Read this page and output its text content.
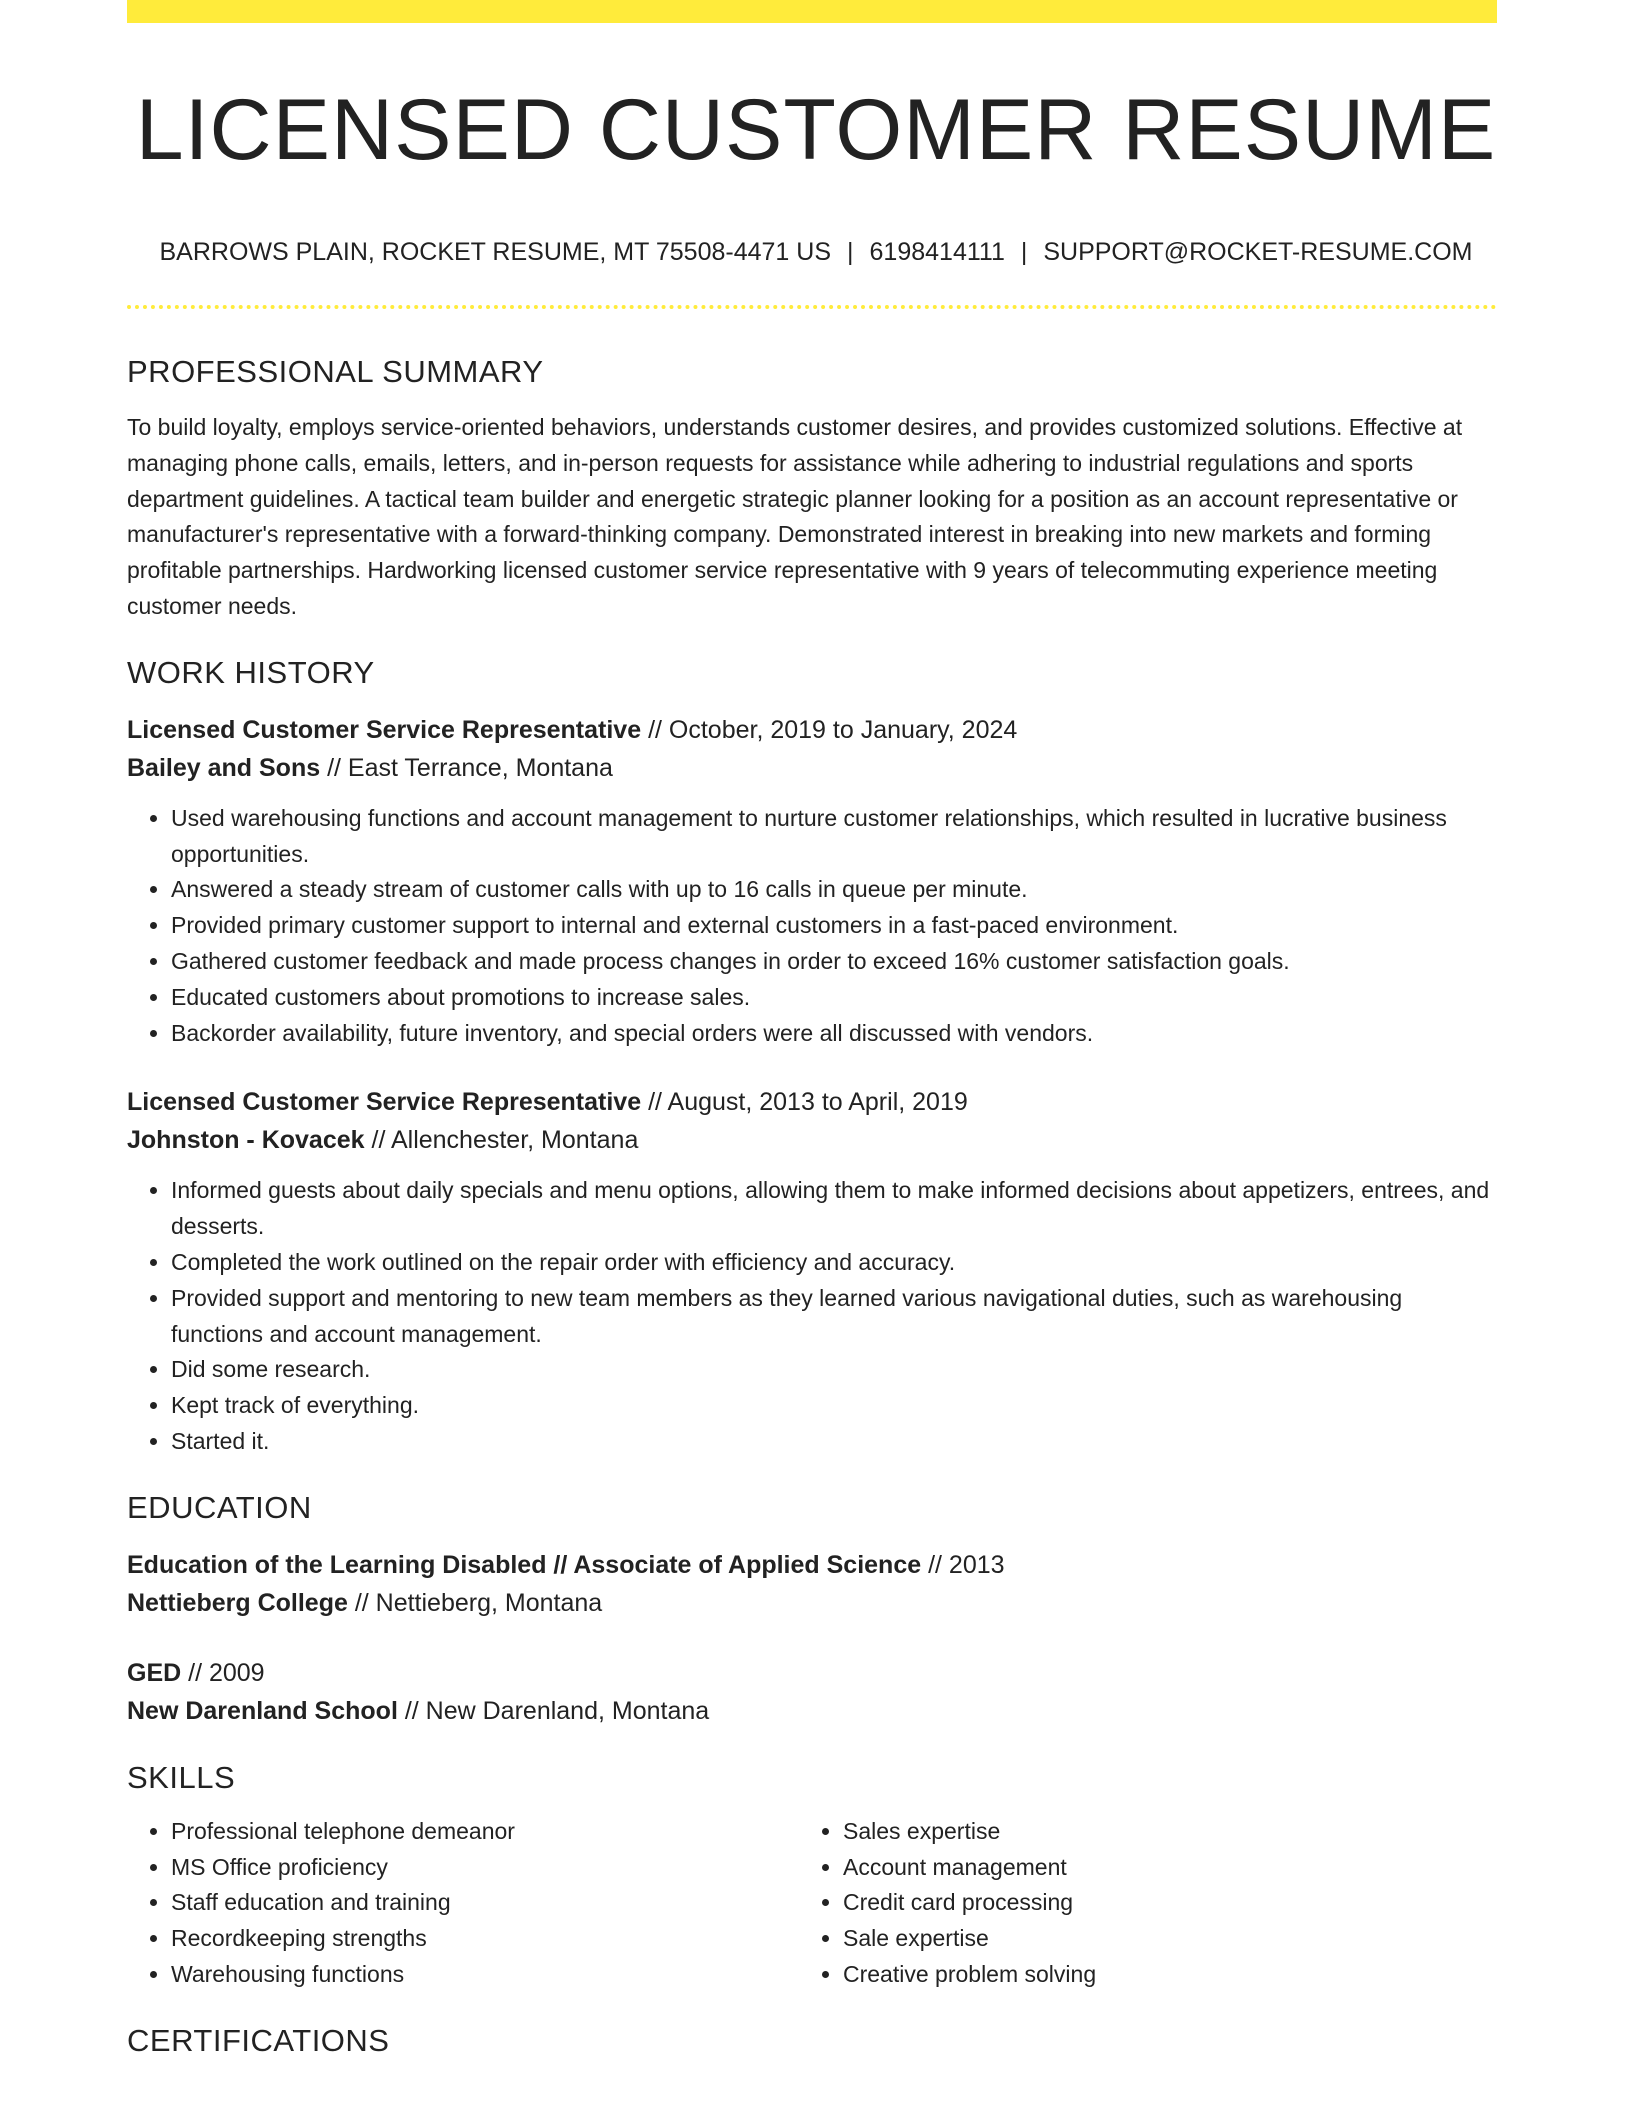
LICENSED CUSTOMER RESUME
BARROWS PLAIN, ROCKET RESUME, MT 75508-4471 US | 6198414111 | SUPPORT@ROCKET-RESUME.COM
PROFESSIONAL SUMMARY

To build loyalty, employs service-oriented behaviors, understands customer desires, and provides customized solutions. Effective at managing phone calls, emails, letters, and in-person requests for assistance while adhering to industrial regulations and sports department guidelines. A tactical team builder and energetic strategic planner looking for a position as an account representative or manufacturer's representative with a forward-thinking company. Demonstrated interest in breaking into new markets and forming profitable partnerships. Hardworking licensed customer service representative with 9 years of telecommuting experience meeting customer needs.

WORK HISTORY
Licensed Customer Service Representative // October, 2019 to January, 2024
Bailey and Sons // East Terrance, Montana
• Used warehousing functions and account management to nurture customer relationships, which resulted in lucrative business opportunities.
• Answered a steady stream of customer calls with up to 16 calls in queue per minute.
• Provided primary customer support to internal and external customers in a fast-paced environment.
• Gathered customer feedback and made process changes in order to exceed 16% customer satisfaction goals.
• Educated customers about promotions to increase sales.
• Backorder availability, future inventory, and special orders were all discussed with vendors.
Licensed Customer Service Representative // August, 2013 to April, 2019
Johnston - Kovacek // Allenchester, Montana
• Informed guests about daily specials and menu options, allowing them to make informed decisions about appetizers, entrees, and desserts.
• Completed the work outlined on the repair order with efficiency and accuracy.
• Provided support and mentoring to new team members as they learned various navigational duties, such as warehousing functions and account management.
• Did some research.
• Kept track of everything.
• Started it.
EDUCATION
Education of the Learning Disabled // Associate of Applied Science // 2013
Nettieberg College // Nettieberg, Montana
GED // 2009
New Darenland School // New Darenland, Montana
SKILLS
• Professional telephone demeanor
• MS Office proficiency
• Staff education and training
• Recordkeeping strengths
• Warehousing functions
• Sales expertise
• Account management
• Credit card processing
• Sale expertise
• Creative problem solving
CERTIFICATIONS
